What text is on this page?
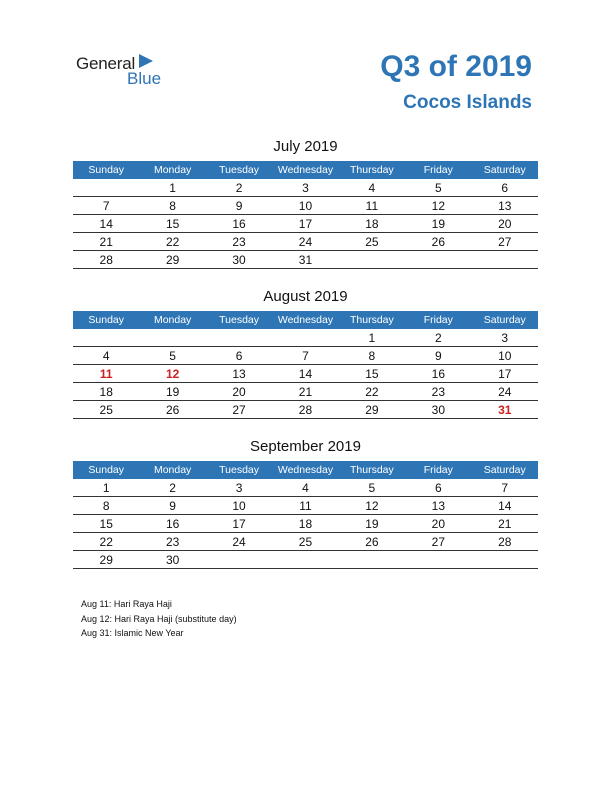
General
Blue	Q3 of 2019
Cocos Islands
July 2019
Sunday	Monday	Tuesday	Wednesday	Thursday	Friday	Saturday
	1	2	3	4	5	6
7	8	9	10	11	12	13
14	15	16	17	18	19	20
21	22	23	24	25	26	27
28	29	30	31			
August 2019
Sunday	Monday	Tuesday	Wednesday	Thursday	Friday	Saturday
				1	2	3
4	5	6	7	8	9	10
11	12	13	14	15	16	17
18	19	20	21	22	23	24
25	26	27	28	29	30	31
September 2019
Sunday	Monday	Tuesday	Wednesday	Thursday	Friday	Saturday
1	2	3	4	5	6	7
8	9	10	11	12	13	14
15	16	17	18	19	20	21
22	23	24	25	26	27	28
29	30					
Aug 11: Hari Raya Haji
Aug 12: Hari Raya Haji (substitute day)
Aug 31: Islamic New Year
